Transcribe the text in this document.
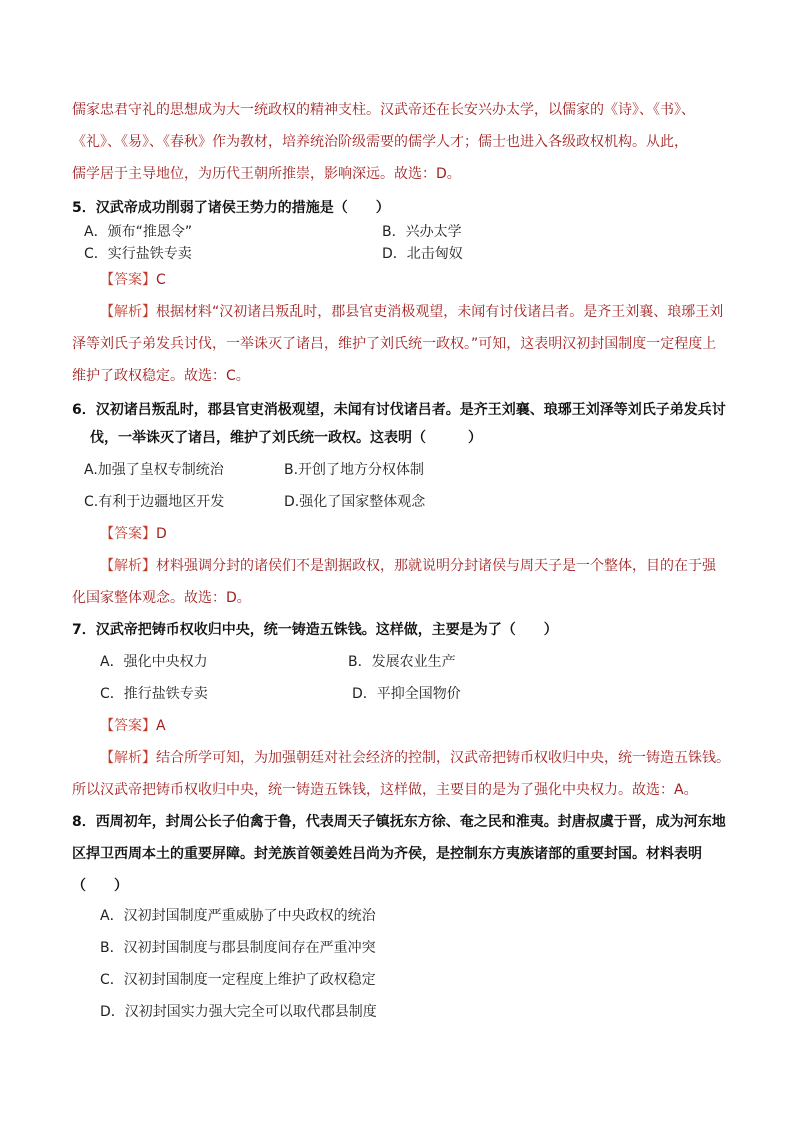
儒家忠君守礼的思想成为大一统政权的精神支柱。汉武帝还在长安兴办太学，以儒家的《诗》、《书》、
《礼》、《易》、《春秋》作为教材，培养统治阶级需要的儒学人才；儒士也进入各级政权机构。从此，
儒学居于主导地位，为历代王朝所推崇，影响深远。故选：D。
5．汉武帝成功削弱了诸侯王势力的措施是（　　）
A．颁布“推恩令”	B．兴办太学
C．实行盐铁专卖	D．北击匈奴
【答案】C
【解析】根据材料“汉初诸吕叛乱时，郡县官吏消极观望，未闻有讨伐诸吕者。是齐王刘襄、琅琊王刘
泽等刘氏子弟发兵讨伐，一举诛灭了诸吕，维护了刘氏统一政权。”可知，这表明汉初封国制度一定程度上
维护了政权稳定。故选：C。
6．汉初诸吕叛乱时，郡县官吏消极观望，未闻有讨伐诸吕者。是齐王刘襄、琅琊王刘泽等刘氏子弟发兵讨
伐，一举诛灭了诸吕，维护了刘氏统一政权。这表明（　　　）
A.加强了皇权专制统治	B.开创了地方分权体制
C.有利于边疆地区开发	D.强化了国家整体观念
【答案】D
【解析】材料强调分封的诸侯们不是割据政权，那就说明分封诸侯与周天子是一个整体，目的在于强
化国家整体观念。故选：D。
7．汉武帝把铸币权收归中央，统一铸造五铢钱。这样做，主要是为了（　　）
A．强化中央权力	B．发展农业生产
C．推行盐铁专卖	D．平抑全国物价
【答案】A
【解析】结合所学可知，为加强朝廷对社会经济的控制，汉武帝把铸币权收归中央，统一铸造五铢钱。
所以汉武帝把铸币权收归中央，统一铸造五铢钱，这样做，主要目的是为了强化中央权力。故选：A。
8．西周初年，封周公长子伯禽于鲁，代表周天子镇抚东方徐、奄之民和淮夷。封唐叔虞于晋，成为河东地
区捍卫西周本土的重要屏障。封羌族首领姜姓吕尚为齐侯，是控制东方夷族诸部的重要封国。材料表明
（　　）
A．汉初封国制度严重威胁了中央政权的统治
B．汉初封国制度与郡县制度间存在严重冲突
C．汉初封国制度一定程度上维护了政权稳定
D．汉初封国实力强大完全可以取代郡县制度
